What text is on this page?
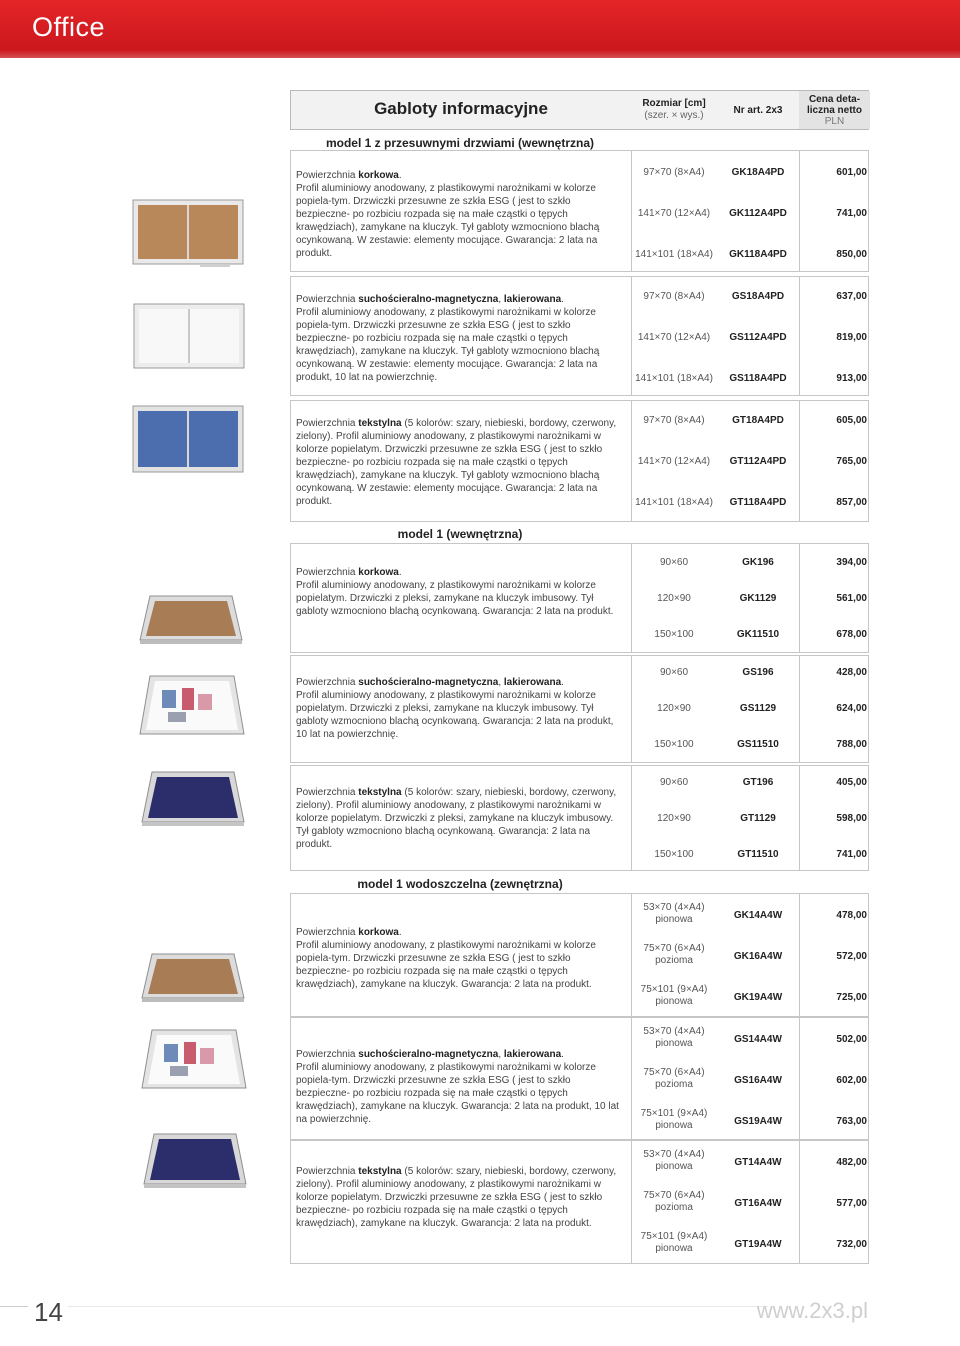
Office
Gabloty informacyjne	Rozmiar [cm]
(szer. × wys.)	Nr art. 2x3
Cena deta-
liczna netto
PLN
model 1 z przesuwnymi drzwiami (wewnętrzna)
model 1 (wewnętrzna)
model 1 wodoszczelna (zewnętrzna)
Powierzchnia korkowa.
Profil aluminiowy anodowany, z plastikowymi narożnikami w kolorze popiela-tym. Drzwiczki przesuwne ze szkła ESG ( jest to szkło bezpieczne- po rozbiciu rozpada się na małe cząstki o tępych krawędziach), zamykane na kluczyk. Tył gabloty wzmocniono blachą ocynkowaną. W zestawie: elementy mocujące. Gwarancja: 2 lata na produkt.
97×70 (8×A4)	GK18A4PD	601,00
141×70 (12×A4)	GK112A4PD	741,00
141×101 (18×A4)	GK118A4PD	850,00
Powierzchnia suchościeralno-magnetyczna, lakierowana.
Profil aluminiowy anodowany, z plastikowymi narożnikami w kolorze popiela-tym. Drzwiczki przesuwne ze szkła ESG ( jest to szkło bezpieczne- po rozbiciu rozpada się na małe cząstki o tępych krawędziach), zamykane na kluczyk. Tył gabloty wzmocniono blachą ocynkowaną. W zestawie: elementy mocujące. Gwarancja: 2 lata na produkt, 10 lat na powierzchnię.
97×70 (8×A4)	GS18A4PD	637,00
141×70 (12×A4)	GS112A4PD	819,00
141×101 (18×A4)	GS118A4PD	913,00
Powierzchnia tekstylna (5 kolorów: szary, niebieski, bordowy, czerwony, zielony). Profil aluminiowy anodowany, z plastikowymi narożnikami w kolorze popielatym. Drzwiczki przesuwne ze szkła ESG ( jest to szkło bezpieczne- po rozbiciu rozpada się na małe cząstki o tępych krawędziach), zamykane na kluczyk. Tył gabloty wzmocniono blachą ocynkowaną. W zestawie: elementy mocujące. Gwarancja: 2 lata na produkt.
97×70 (8×A4)	GT18A4PD	605,00
141×70 (12×A4)	GT112A4PD	765,00
141×101 (18×A4)	GT118A4PD	857,00
Powierzchnia korkowa.
Profil aluminiowy anodowany, z plastikowymi narożnikami w kolorze popielatym. Drzwiczki z pleksi, zamykane na kluczyk imbusowy. Tył gabloty wzmocniono blachą ocynkowaną. Gwarancja: 2 lata na produkt.
90×60	GK196	394,00
120×90	GK1129	561,00
150×100	GK11510	678,00
Powierzchnia suchościeralno-magnetyczna, lakierowana.
Profil aluminiowy anodowany, z plastikowymi narożnikami w kolorze popielatym. Drzwiczki z pleksi, zamykane na kluczyk imbusowy. Tył gabloty wzmocniono blachą ocynkowaną. Gwarancja: 2 lata na produkt, 10 lat na powierzchnię.
90×60	GS196	428,00
120×90	GS1129	624,00
150×100	GS11510	788,00
Powierzchnia tekstylna (5 kolorów: szary, niebieski, bordowy, czerwony, zielony). Profil aluminiowy anodowany, z plastikowymi narożnikami w kolorze popielatym. Drzwiczki z pleksi, zamykane na kluczyk imbusowy. Tył gabloty wzmocniono blachą ocynkowaną. Gwarancja: 2 lata na produkt.
90×60	GT196	405,00
120×90	GT1129	598,00
150×100	GT11510	741,00
Powierzchnia korkowa.
Profil aluminiowy anodowany, z plastikowymi narożnikami w kolorze popiela-tym. Drzwiczki przesuwne ze szkła ESG ( jest to szkło bezpieczne- po rozbiciu rozpada się na małe cząstki o tępych krawędziach), zamykane na kluczyk. Gwarancja: 2 lata na produkt.
53×70 (4×A4)
pionowa	GK14A4W	478,00
75×70 (6×A4)
pozioma	GK16A4W	572,00
75×101 (9×A4)
pionowa	GK19A4W	725,00
Powierzchnia suchościeralno-magnetyczna, lakierowana.
Profil aluminiowy anodowany, z plastikowymi narożnikami w kolorze popiela-tym. Drzwiczki przesuwne ze szkła ESG ( jest to szkło bezpieczne- po rozbiciu rozpada się na małe cząstki o tępych krawędziach), zamykane na kluczyk. Gwarancja: 2 lata na produkt, 10 lat na powierzchnię.
53×70 (4×A4)
pionowa	GS14A4W	502,00
75×70 (6×A4)
pozioma	GS16A4W	602,00
75×101 (9×A4)
pionowa	GS19A4W	763,00
Powierzchnia tekstylna (5 kolorów: szary, niebieski, bordowy, czerwony, zielony). Profil aluminiowy anodowany, z plastikowymi narożnikami w kolorze popielatym. Drzwiczki przesuwne ze szkła ESG ( jest to szkło bezpieczne- po rozbiciu rozpada się na małe cząstki o tępych krawędziach), zamykane na kluczyk. Gwarancja: 2 lata na produkt.
53×70 (4×A4)
pionowa	GT14A4W	482,00
75×70 (6×A4)
pozioma	GT16A4W	577,00
75×101 (9×A4)
pionowa	GT19A4W	732,00
14	www.2x3.pl
